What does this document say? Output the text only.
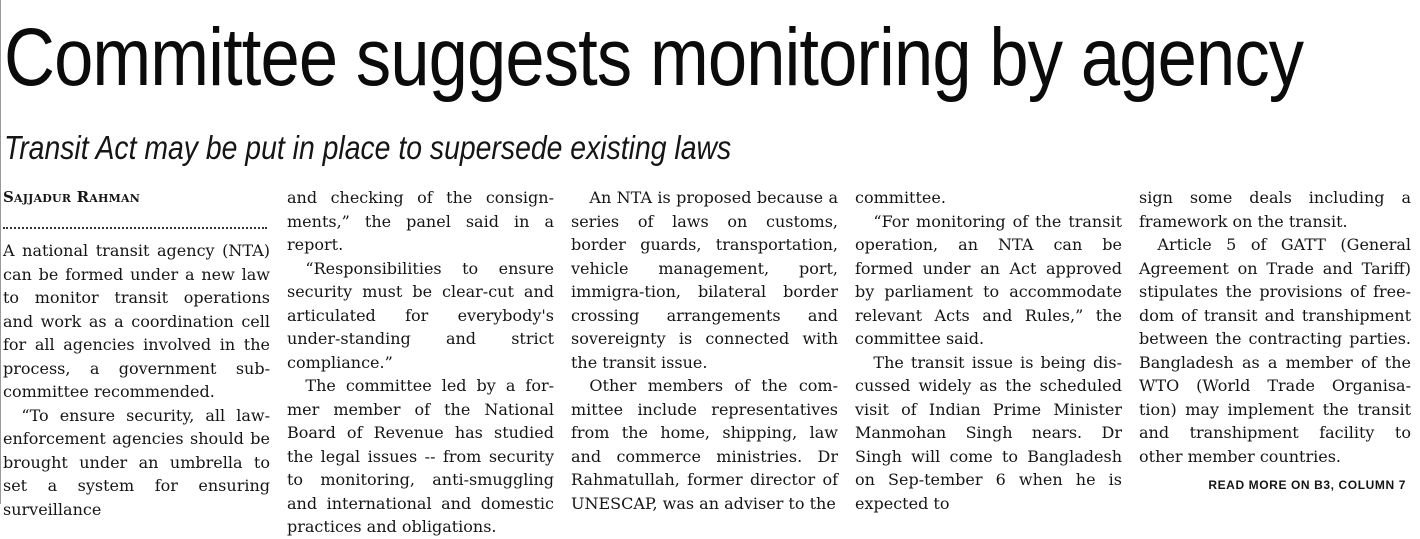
Committee suggests monitoring by agency
Transit Act may be put in place to supersede existing laws
Sajjadur Rahman

A national transit agency (NTA) can be formed under a new law to monitor transit operations and work as a coordination cell for all agencies involved in the process, a government sub-committee recommended.

“To ensure security, all law-enforcement agencies should be brought under an umbrella to set a system for ensuring surveillance

and checking of the consign-ments,” the panel said in a report.

“Responsibilities to ensure security must be clear-cut and articulated for everybody's under-standing and strict compliance.”

The committee led by a for-mer member of the National Board of Revenue has studied the legal issues -- from security to monitoring, anti-smuggling and international and domestic practices and obligations.

An NTA is proposed because a series of laws on customs, border guards, transportation, vehicle management, port, immigra-tion, bilateral border crossing arrangements and sovereignty is connected with the transit issue.

Other members of the com-mittee include representatives from the home, shipping, law and commerce ministries. Dr Rahmatullah, former director of UNESCAP, was an adviser to the

committee.

“For monitoring of the transit operation, an NTA can be formed under an Act approved by parliament to accommodate relevant Acts and Rules,” the committee said.

The transit issue is being dis-cussed widely as the scheduled visit of Indian Prime Minister Manmohan Singh nears. Dr Singh will come to Bangladesh on Sep-tember 6 when he is expected to

sign some deals including a framework on the transit.

Article 5 of GATT (General Agreement on Trade and Tariff) stipulates the provisions of free-dom of transit and transhipment between the contracting parties. Bangladesh as a member of the WTO (World Trade Organisa-tion) may implement the transit and transhipment facility to other member countries.

READ MORE ON B3, COLUMN 7
